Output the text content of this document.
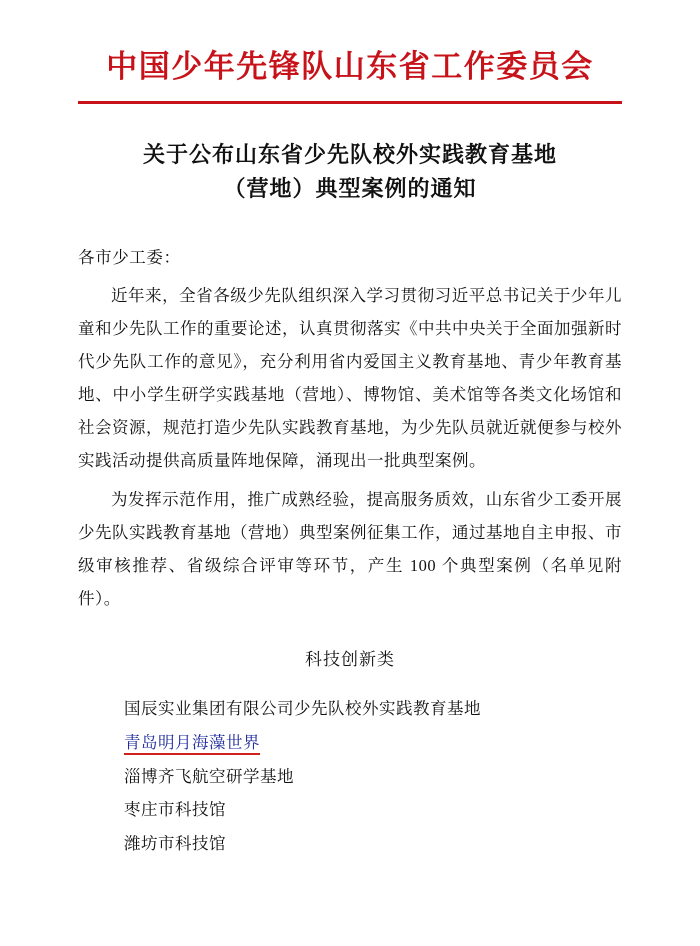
中国少年先锋队山东省工作委员会
关于公布山东省少先队校外实践教育基地
（营地）典型案例的通知
各市少工委：
近年来，全省各级少先队组织深入学习贯彻习近平总书记关于少年儿童和少先队工作的重要论述，认真贯彻落实《中共中央关于全面加强新时代少先队工作的意见》，充分利用省内爱国主义教育基地、青少年教育基地、中小学生研学实践基地（营地）、博物馆、美术馆等各类文化场馆和社会资源，规范打造少先队实践教育基地，为少先队员就近就便参与校外实践活动提供高质量阵地保障，涌现出一批典型案例。
为发挥示范作用，推广成熟经验，提高服务质效，山东省少工委开展少先队实践教育基地（营地）典型案例征集工作，通过基地自主申报、市级审核推荐、省级综合评审等环节，产生 100 个典型案例（名单见附件）。
科技创新类
国辰实业集团有限公司少先队校外实践教育基地
青岛明月海藻世界
淄博齐飞航空研学基地
枣庄市科技馆
潍坊市科技馆
